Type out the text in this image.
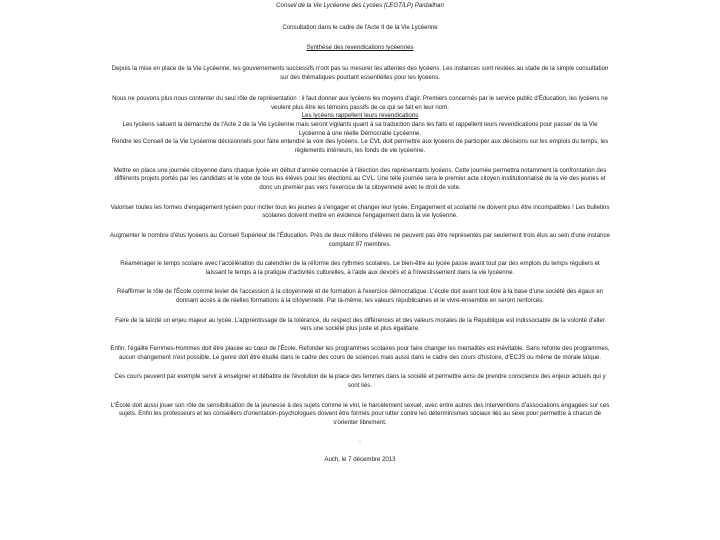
Conseil de la Vie Lycéenne des Lycées (LEGT/LP) Pardailhan

Consultation dans le cadre de l'Acte II de la Vie Lycéenne

Synthèse des revendications lycéennes

Depuis la mise en place de la Vie Lycéenne, les gouvernements successifs n'ont pas su mesurer les attentes des lycéens. Les instances sont restées au stade de la simple consultation sur des thématiques pourtant essentielles pour les lycéens.

Nous ne pouvons plus nous contenter du seul rôle de représentation : il faut donner aux lycéens les moyens d'agir. Premiers concernés par le service public d'Éducation, les lycéens ne veulent plus être les témoins passifs de ce qui se fait en leur nom.

Les lycéens rappellent leurs revendications

Les lycéens saluent la démarche de l'Acte 2 de la Vie Lycéenne mais seront vigilants quant à sa traduction dans les faits et rappellent leurs revendications pour passer de la Vie Lycéenne à une réelle Démocratie Lycéenne.

Rendre les Conseil de la Vie Lycéenne décisionnels pour faire entendre la voix des lycéens. Le CVL doit permettre aux lycéens de participer aux décisions sur les emplois du temps, les règlements intérieurs, les fonds de vie lycéenne.

Mettre en place une journée citoyenne dans chaque lycée en début d'année consacrée à l'élection des représentants lycéens. Cette journée permettra notamment la confrontation des différents projets portés par les candidats et le vote de tous les élèves pour les élections au CVL. Une telle journée sera le premier acte citoyen institutionnalisé de la vie des jeunes et donc un premier pas vers l'exercice de la citoyenneté avec le droit de vote.

Valoriser toutes les formes d'engagement lycéen pour inciter tous les jeunes à s'engager et changer leur lycée. Engagement et scolarité ne doivent plus être incompatibles ! Les bulletins scolaires doivent mettre en évidence l'engagement dans la vie lycéenne.

Augmenter le nombre d'élus lycéens au Conseil Supérieur de l'Éducation. Près de deux millions d'élèves ne peuvent pas être représentés par seulement trois élus au sein d'une instance comptant 97 membres.

Réaménager le temps scolaire avec l'accélération du calendrier de la réforme des rythmes scolaires. Le bien-être au lycée passe avant tout par des emplois du temps réguliers et laissant le temps à la pratique d'activités culturelles, à l'aide aux devoirs et à l'investissement dans la vie lycéenne.

Réaffirmer le rôle de l'École comme levier de l'accession à la citoyenneté et de formation à l'exercice démocratique. L'école doit avant tout être à la base d'une société des égaux en donnant accès à de réelles formations à la citoyenneté. Par là-même, les valeurs républicaines et le vivre-ensemble en seront renforcés.

Faire de la laïcité un enjeu majeur au lycée. L'apprentissage de la tolérance, du respect des différences et des valeurs morales de la République est indissociable de la volonté d'aller vers une société plus juste et plus égalitaire.

Enfin, l'égalité Femmes-Hommes doit être placée au cœur de l'École. Refonder les programmes scolaires pour faire changer les mentalités est inévitable. Sans refonte des programmes, aucun changement n'est possible. Le genre doit être étudié dans le cadre des cours de sciences mais aussi dans le cadre des cours d'histoire, d'ECJS ou même de morale laïque.

Ces cours peuvent par exemple servir à enseigner et débattre de l'évolution de la place des femmes dans la société et permettre ainsi de prendre conscience des enjeux actuels qui y sont liés.

L'École doit aussi jouer son rôle de sensibilisation de la jeunesse à des sujets comme le viol, le harcèlement sexuel, avec entre autres des interventions d'associations engagées sur ces sujets. Enfin les professeurs et les conseillers d'orientation-psychologues doivent être formés pour lutter contre les déterminismes sociaux liés au sexe pour permettre à chacun de s'orienter librement.

.

Auch, le 7 décembre 2013
